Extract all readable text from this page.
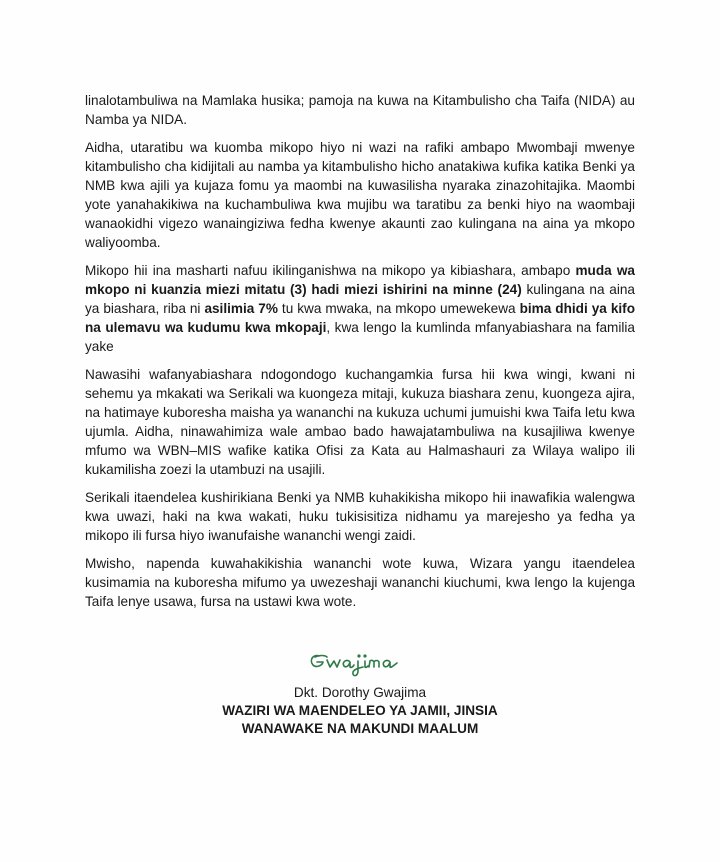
linalotambuliwa na Mamlaka husika; pamoja na kuwa na Kitambulisho cha Taifa (NIDA) au Namba ya NIDA.

Aidha, utaratibu wa kuomba mikopo hiyo ni wazi na rafiki ambapo Mwombaji mwenye kitambulisho cha kidijitali au namba ya kitambulisho hicho anatakiwa kufika katika Benki ya NMB kwa ajili ya kujaza fomu ya maombi na kuwasilisha nyaraka zinazohitajika. Maombi yote yanahakikiwa na kuchambuliwa kwa mujibu wa taratibu za benki hiyo na waombaji wanaokidhi vigezo wanaingiziwa fedha kwenye akaunti zao kulingana na aina ya mkopo waliyoomba.

Mikopo hii ina masharti nafuu ikilinganishwa na mikopo ya kibiashara, ambapo muda wa mkopo ni kuanzia miezi mitatu (3) hadi miezi ishirini na minne (24) kulingana na aina ya biashara, riba ni asilimia 7% tu kwa mwaka, na mkopo umewekewa bima dhidi ya kifo na ulemavu wa kudumu kwa mkopaji, kwa lengo la kumlinda mfanyabiashara na familia yake

Nawasihi wafanyabiashara ndogondogo kuchangamkia fursa hii kwa wingi, kwani ni sehemu ya mkakati wa Serikali wa kuongeza mitaji, kukuza biashara zenu, kuongeza ajira, na hatimaye kuboresha maisha ya wananchi na kukuza uchumi jumuishi kwa Taifa letu kwa ujumla. Aidha, ninawahimiza wale ambao bado hawajatambuliwa na kusajiliwa kwenye mfumo wa WBN–MIS wafike katika Ofisi za Kata au Halmashauri za Wilaya walipo ili kukamilisha zoezi la utambuzi na usajili.

Serikali itaendelea kushirikiana Benki ya NMB kuhakikisha mikopo hii inawafikia walengwa kwa uwazi, haki na kwa wakati, huku tukisisitiza nidhamu ya marejesho ya fedha ya mikopo ili fursa hiyo iwanufaishe wananchi wengi zaidi.

Mwisho, napenda kuwahakikishia wananchi wote kuwa, Wizara yangu itaendelea kusimamia na kuboresha mifumo ya uwezeshaji wananchi kiuchumi, kwa lengo la kujenga Taifa lenye usawa, fursa na ustawi kwa wote.

Dkt. Dorothy Gwajima
WAZIRI WA MAENDELEO YA JAMII, JINSIA
WANAWAKE NA MAKUNDI MAALUM
